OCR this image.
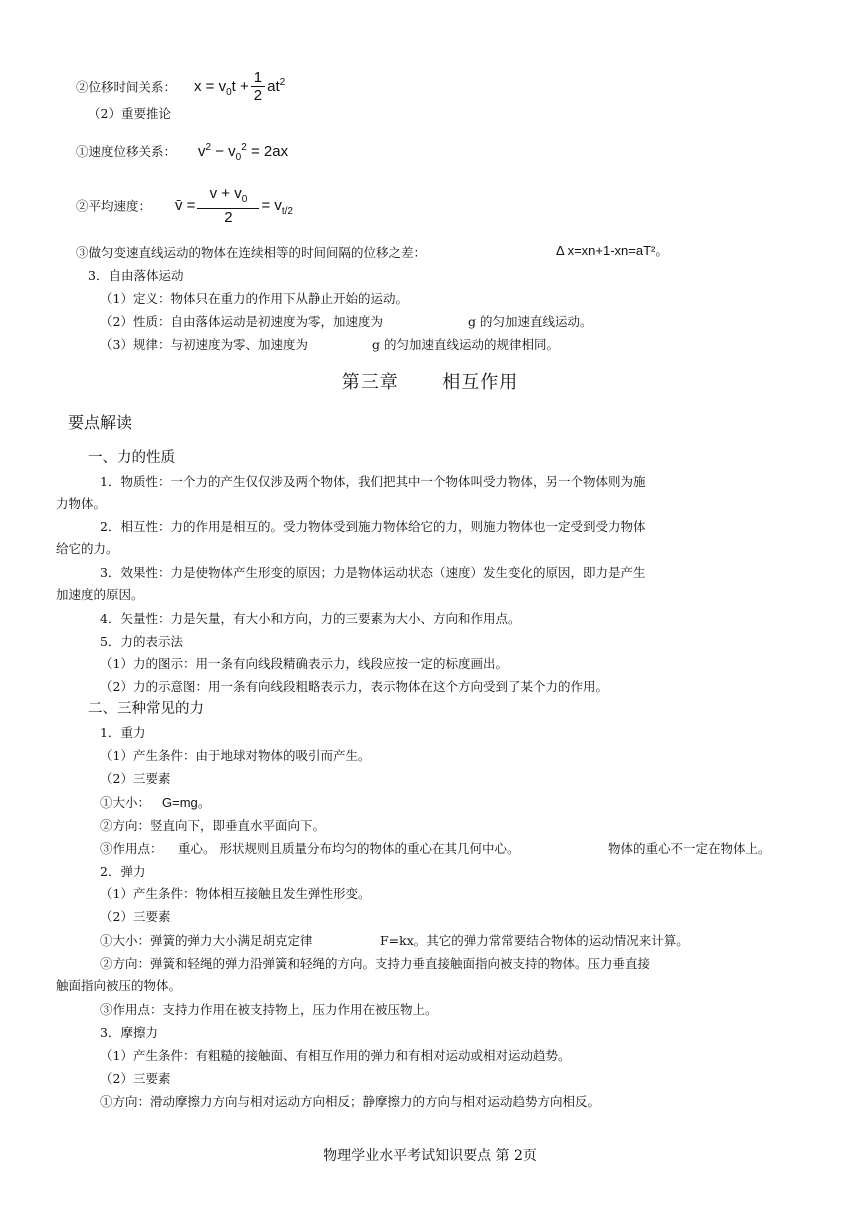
②位移时间关系： $x = v_0t + \frac{1}{2} at^2$
（2）重要推论
①速度位移关系： $v^2 - v_0^2 = 2ax$
②平均速度： v̄ = $\frac{v + v_0}{2} = v_{t/2}$
③做匀变速直线运动的物体在连续相等的时间间隔的位移之差：	Δ x=xn+1-xn=aT²。
3．自由落体运动
（1）定义：物体只在重力的作用下从静止开始的运动。
（2）性质：自由落体运动是初速度为零，加速度为	g 的匀加速直线运动。
（3）规律：与初速度为零、加速度为	g 的匀加速直线运动的规律相同。
第三章 相互作用
要点解读
一、力的性质
1．物质性：一个力的产生仅仅涉及两个物体，我们把其中一个物体叫受力物体，另一个物体则为施
力物体。
2．相互性：力的作用是相互的。受力物体受到施力物体给它的力，则施力物体也一定受到受力物体
给它的力。
3．效果性：力是使物体产生形变的原因；力是物体运动状态（速度）发生变化的原因，即力是产生
加速度的原因。
4．矢量性：力是矢量，有大小和方向，力的三要素为大小、方向和作用点。
5．力的表示法
（1）力的图示：用一条有向线段精确表示力，线段应按一定的标度画出。
（2）力的示意图：用一条有向线段粗略表示力，表示物体在这个方向受到了某个力的作用。
二、三种常见的力
1．重力
（1）产生条件：由于地球对物体的吸引而产生。
（2）三要素
①大小： G=mg。
②方向：竖直向下，即垂直水平面向下。
③作用点： 重心。 形状规则且质量分布均匀的物体的重心在其几何中心。	物体的重心不一定在物体上。
2．弹力
（1）产生条件：物体相互接触且发生弹性形变。
（2）三要素
①大小：弹簧的弹力大小满足胡克定律	F=kx。其它的弹力常常要结合物体的运动情况来计算。
②方向：弹簧和轻绳的弹力沿弹簧和轻绳的方向。支持力垂直接触面指向被支持的物体。压力垂直接
触面指向被压的物体。
③作用点：支持力作用在被支持物上，压力作用在被压物上。
3．摩擦力
（1）产生条件：有粗糙的接触面、有相互作用的弹力和有相对运动或相对运动趋势。
（2）三要素
①方向：滑动摩擦力方向与相对运动方向相反；静摩擦力的方向与相对运动趋势方向相反。
物理学业水平考试知识要点 第 2页
